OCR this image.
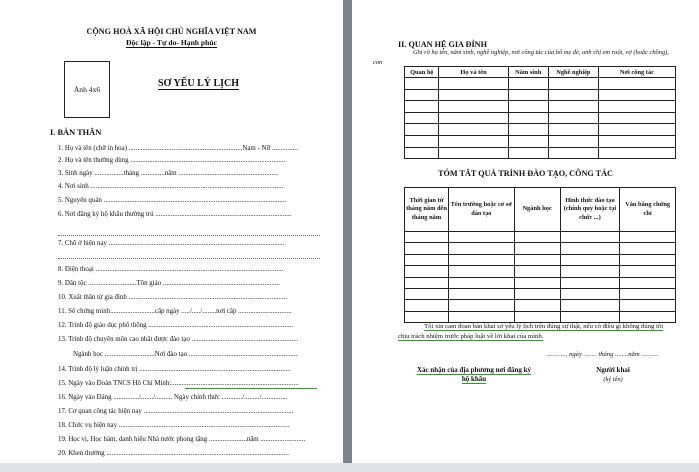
CỘNG HOÀ XÃ HỘI CHỦ NGHĨA VIỆT NAM
Độc lập - Tự do- Hạnh phúc
Ảnh 4x6
SƠ YẾU LÝ LỊCH
I. BẢN THÂN
1. Họ và tên (chữ in hoa) ..................................................................Nam - Nữ ...............
2. Họ và tên thường dùng ..........................................................................................
3. Sinh ngày .................tháng ..............năm ..........................................................
4. Nơi sinh ................................................................................................................
5. Nguyên quán ..........................................................................................................
6. Nơi đăng ký hộ khẩu thường trú ...............................................................................
7. Chỗ ở hiện nay ......................................................................................................
8. Điện thoại .............................................................................................................
9. Dân tộc ............................Tôn giáo ....................................................................
10. Xuất thân từ gia đình ............................................................................................
11. Số chứng minh..........................cấp ngày ...../...../........nơi cấp ...............................
12. Trình độ giáo dục phổ thông ....................................................................................
13. Trình độ chuyên môn cao nhất được đào tạo ..............................................................
Ngành học .............................Nơi đào tạo ...............................................................
14. Trình độ lý luận chính trị ........................................................................................
15. Ngày vào Đoàn TNCS Hồ Chí Minh:..........................................................................
16. Ngày vào Đảng .............../......./.......... Ngày chính thức ............/........./...............
17. Cơ quan công tác hiện nay .......................................................................................
18. Chức vụ hiện nay ...................................................................................................
19. Học vị, Học hàm, danh hiệu Nhà nước phong tặng ......................năm ..........................
20. Khen thưởng ..........................................................................................................
II. QUAN HỆ GIA ĐÌNH
Ghi rõ họ tên, năm sinh, nghề nghiệp, nơi công tác của bố mẹ đẻ, anh chị em ruột, vợ (hoặc chồng), con
Quan hệ	Họ và tên	Năm sinh	Nghề nghiệp	Nơi công tác

TÓM TẮT QUÁ TRÌNH ĐÀO TẠO, CÔNG TÁC
Thời gian từ tháng năm đến tháng năm	Tên trường hoặc cơ sở đào tạo	Ngành học	Hình thức đào tạo (chính quy hoặc tại chức ...)	Văn bằng chứng chỉ

Tôi xin cam đoan bản khai sơ yếu lý lịch trên đúng sự thật, nếu có điều gì không đúng tôi chịu trách nhiệm trước pháp luật về lời khai của mình.
............, ngày ........ tháng ........năm ..........
Xác nhận của địa phương nơi đăng ký hộ khẩu
Người khai
(ký tên)
